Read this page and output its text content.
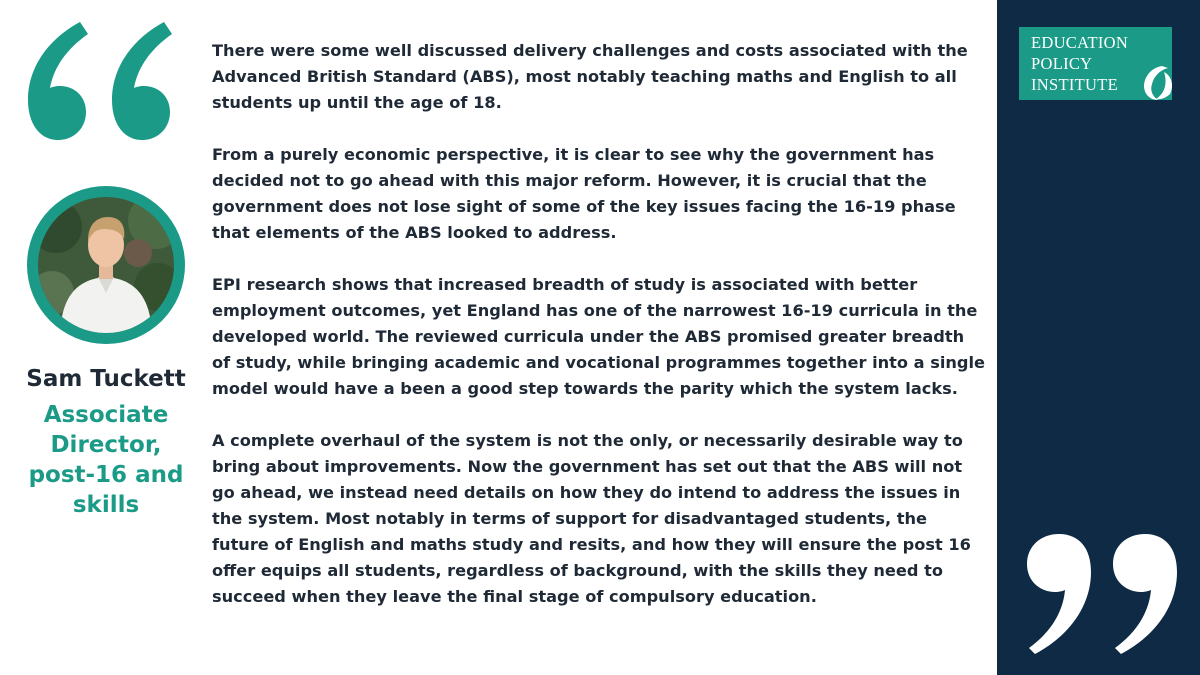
Sam Tuckett
Associate
Director,
post-16 and
skills

There were some well discussed delivery challenges and costs associated with the Advanced British Standard (ABS), most notably teaching maths and English to all students up until the age of 18.

From a purely economic perspective, it is clear to see why the government has decided not to go ahead with this major reform. However, it is crucial that the government does not lose sight of some of the key issues facing the 16-19 phase that elements of the ABS looked to address.

EPI research shows that increased breadth of study is associated with better employment outcomes, yet England has one of the narrowest 16-19 curricula in the developed world. The reviewed curricula under the ABS promised greater breadth of study, while bringing academic and vocational programmes together into a single model would have a been a good step towards the parity which the system lacks.

A complete overhaul of the system is not the only, or necessarily desirable way to bring about improvements. Now the government has set out that the ABS will not go ahead, we instead need details on how they do intend to address the issues in the system. Most notably in terms of support for disadvantaged students, the future of English and maths study and resits, and how they will ensure the post 16 offer equips all students, regardless of background, with the skills they need to succeed when they leave the final stage of compulsory education.

EDUCATION
POLICY
INSTITUTE
